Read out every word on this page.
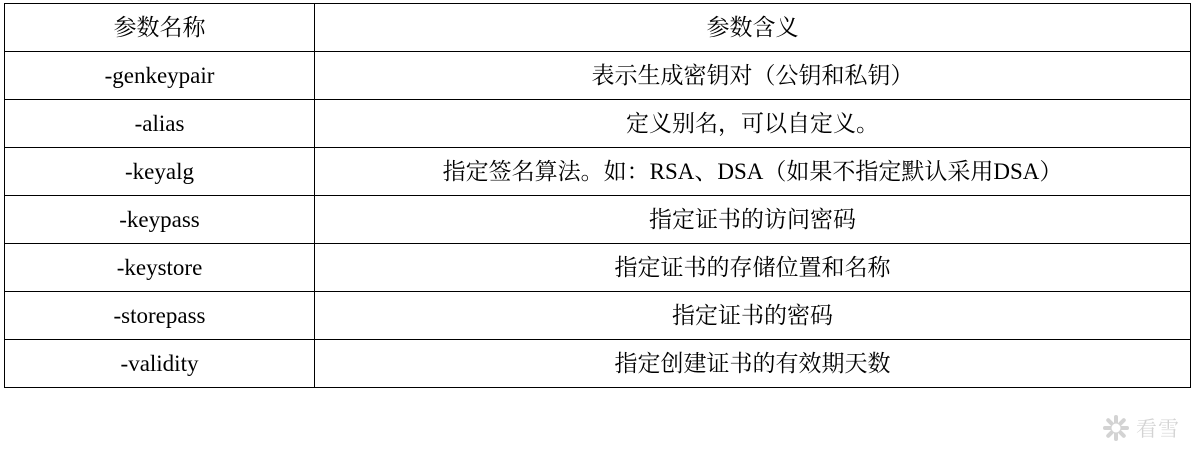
参数名称	参数含义
-genkeypair	表示生成密钥对（公钥和私钥）
-alias	定义别名，可以自定义。
-keyalg	指定签名算法。如：RSA、DSA（如果不指定默认采用DSA）
-keypass	指定证书的访问密码
-keystore	指定证书的存储位置和名称
-storepass	指定证书的密码
-validity	指定创建证书的有效期天数
看雪
